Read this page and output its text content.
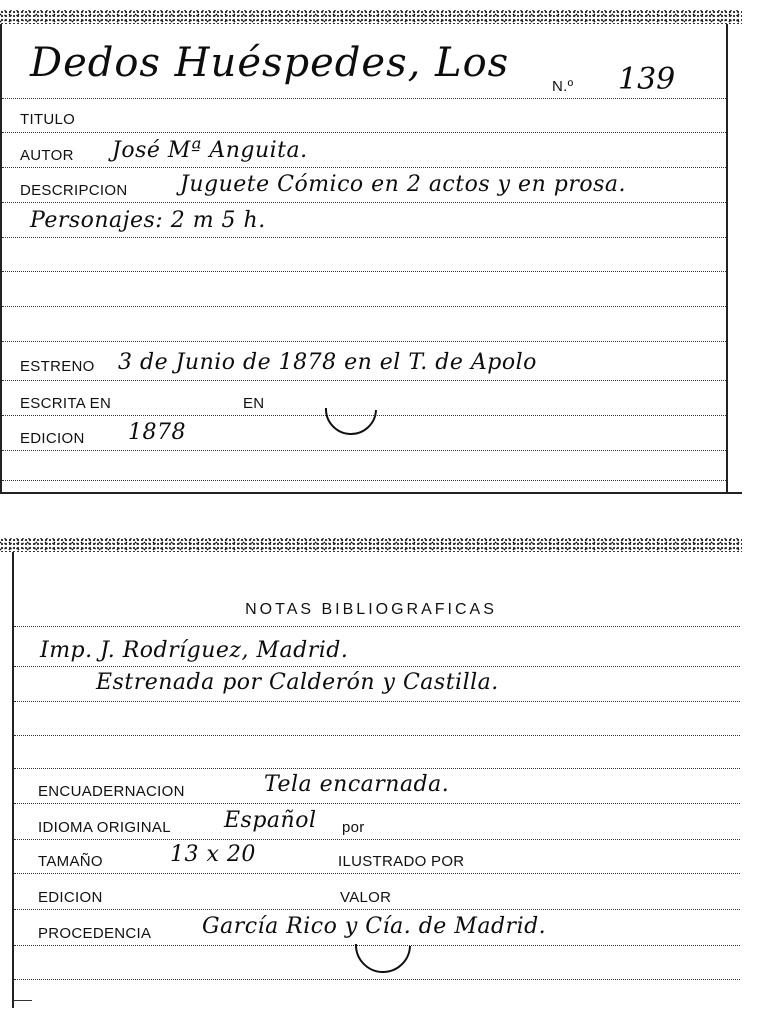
Dedos Huéspedes, Los
N.º 139
TITULO
AUTOR José Mª Anguita.
DESCRIPCION Juguete Cómico en 2 actos y en prosa.
Personajes: 2 m 5 h.
ESTRENO 3 de Junio de 1878 en el T. de Apolo
ESCRITA EN	EN
EDICION 1878
NOTAS BIBLIOGRAFICAS
Imp. J. Rodríguez, Madrid.
Estrenada por Calderón y Castilla.
ENCUADERNACION	Tela encarnada.
IDIOMA ORIGINAL Español por
TAMAÑO	13 x 20	ILUSTRADO POR
EDICION	VALOR
PROCEDENCIA García Rico y Cía. de Madrid.
